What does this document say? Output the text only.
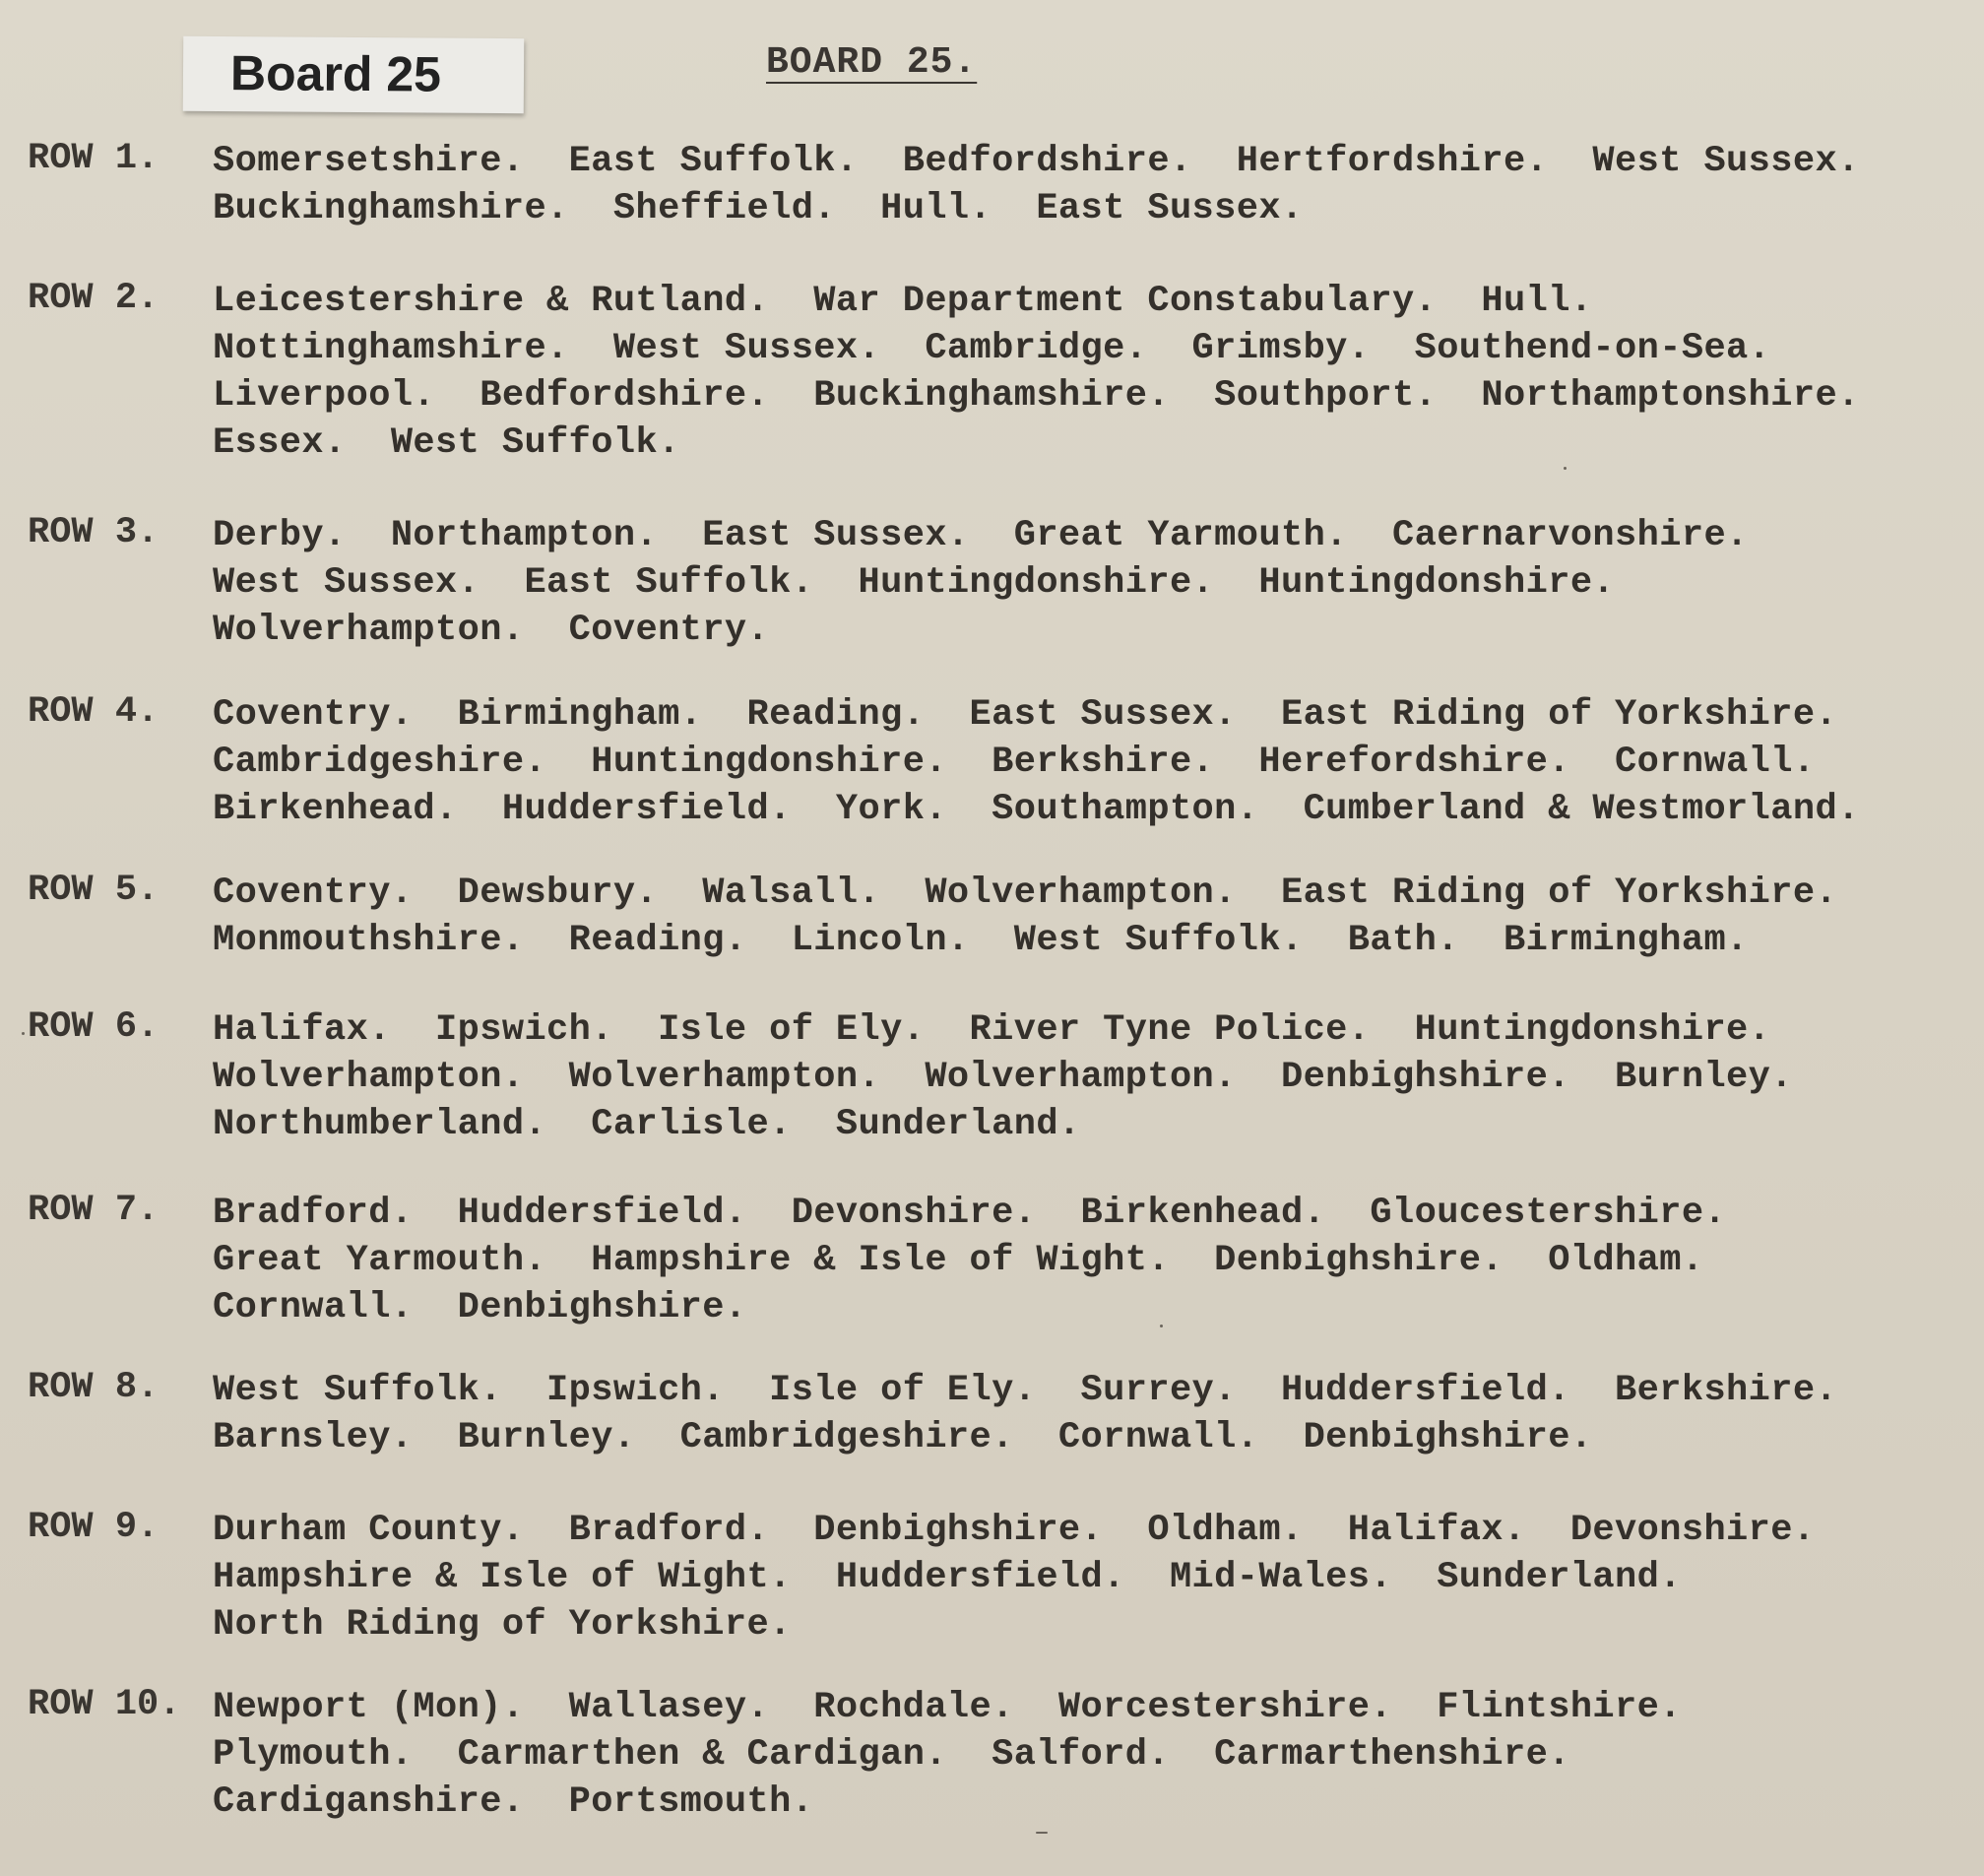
Board 25	BOARD 25.
ROW 1. Somersetshire.  East Suffolk.  Bedfordshire.  Hertfordshire.  West Sussex.
Buckinghamshire.  Sheffield.  Hull.  East Sussex.
ROW 2. Leicestershire & Rutland.  War Department Constabulary.  Hull.
Nottinghamshire.  West Sussex.  Cambridge.  Grimsby.  Southend-on-Sea.
Liverpool.  Bedfordshire.  Buckinghamshire.  Southport.  Northamptonshire.
Essex.  West Suffolk.
ROW 3. Derby.  Northampton.  East Sussex.  Great Yarmouth.  Caernarvonshire.
West Sussex.  East Suffolk.  Huntingdonshire.  Huntingdonshire.
Wolverhampton.  Coventry.
ROW 4. Coventry.  Birmingham.  Reading.  East Sussex.  East Riding of Yorkshire.
Cambridgeshire.  Huntingdonshire.  Berkshire.  Herefordshire.  Cornwall.
Birkenhead.  Huddersfield.  York.  Southampton.  Cumberland & Westmorland.
ROW 5. Coventry.  Dewsbury.  Walsall.  Wolverhampton.  East Riding of Yorkshire.
Monmouthshire.  Reading.  Lincoln.  West Suffolk.  Bath.  Birmingham.
ROW 6. Halifax.  Ipswich.  Isle of Ely.  River Tyne Police.  Huntingdonshire.
Wolverhampton.  Wolverhampton.  Wolverhampton.  Denbighshire.  Burnley.
Northumberland.  Carlisle.  Sunderland.
ROW 7. Bradford.  Huddersfield.  Devonshire.  Birkenhead.  Gloucestershire.
Great Yarmouth.  Hampshire & Isle of Wight.  Denbighshire.  Oldham.
Cornwall.  Denbighshire.
ROW 8. West Suffolk.  Ipswich.  Isle of Ely.  Surrey.  Huddersfield.  Berkshire.
Barnsley.  Burnley.  Cambridgeshire.  Cornwall.  Denbighshire.
ROW 9. Durham County.  Bradford.  Denbighshire.  Oldham.  Halifax.  Devonshire.
Hampshire & Isle of Wight.  Huddersfield.  Mid-Wales.  Sunderland.
North Riding of Yorkshire.
ROW 10. Newport (Mon).  Wallasey.  Rochdale.  Worcestershire.  Flintshire.
Plymouth.  Carmarthen & Cardigan.  Salford.  Carmarthenshire.
Cardiganshire.  Portsmouth.
